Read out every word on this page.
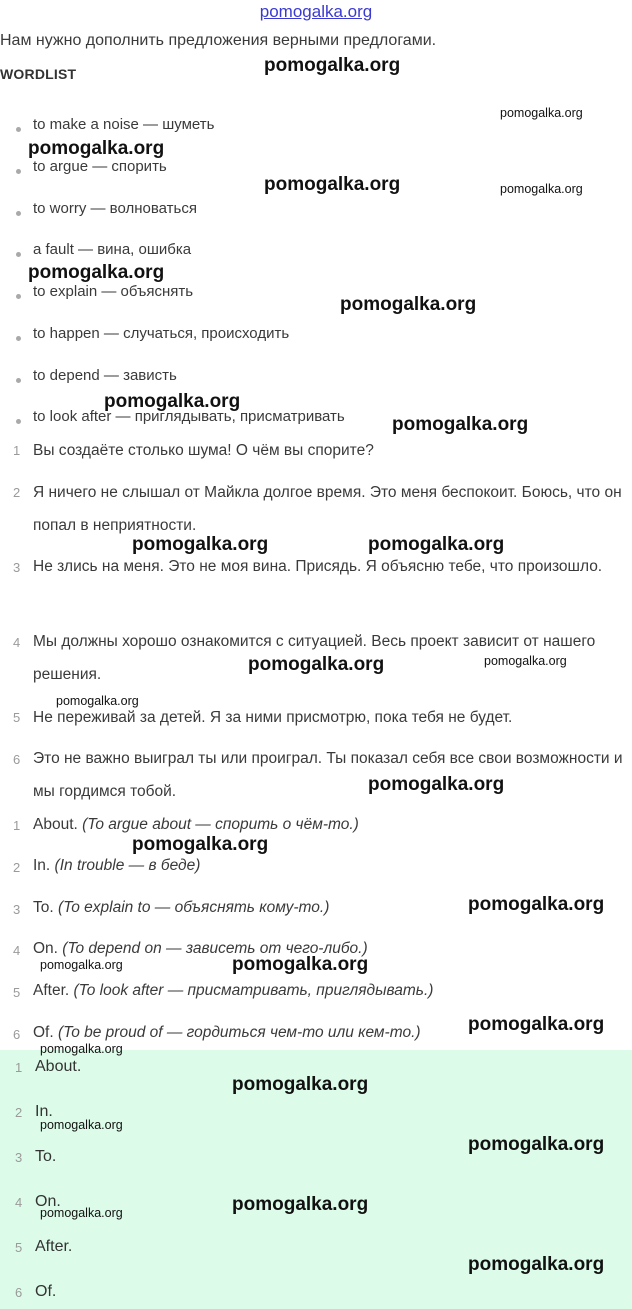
pomogalka.org
Нам нужно дополнить предложения верными предлогами.
WORDLIST
to make a noise — шуметь
to argue — спорить
to worry — волноваться
a fault — вина, ошибка
to explain — объяснять
to happen — случаться, происходить
to depend — зависть
to look after — приглядывать, присматривать
1 Вы создаёте столько шума! О чём вы спорите?
2 Я ничего не слышал от Майкла долгое время. Это меня беспокоит. Боюсь, что он попал в неприятности.
3 Не злись на меня. Это не моя вина. Присядь. Я объясню тебе, что произошло.
4 Мы должны хорошо ознакомится с ситуацией. Весь проект зависит от нашего решения.
5 Не переживай за детей. Я за ними присмотрю, пока тебя не будет.
6 Это не важно выиграл ты или проиграл. Ты показал себя все свои возможности и мы гордимся тобой.
1 About. (To argue about — спорить о чём-то.)
2 In. (In trouble — в беде)
3 To. (To explain to — объяснять кому-то.)
4 On. (To depend on — зависеть от чего-либо.)
5 After. (To look after — присматривать, приглядывать.)
6 Of. (To be proud of — гордиться чем-то или кем-то.)
1 About.
2 In.
3 To.
4 On.
5 After.
6 Of.
pomogalka.org
pomogalka.org
pomogalka.org
pomogalka.org	pomogalka.org
pomogalka.org
pomogalka.org
pomogalka.org
pomogalka.org
pomogalka.org	pomogalka.org
pomogalka.org	pomogalka.org
pomogalka.org
pomogalka.org
pomogalka.org
pomogalka.org
pomogalka.org	pomogalka.org
pomogalka.org
pomogalka.org
pomogalka.org
pomogalka.org
pomogalka.org
pomogalka.org
pomogalka.org
pomogalka.org
